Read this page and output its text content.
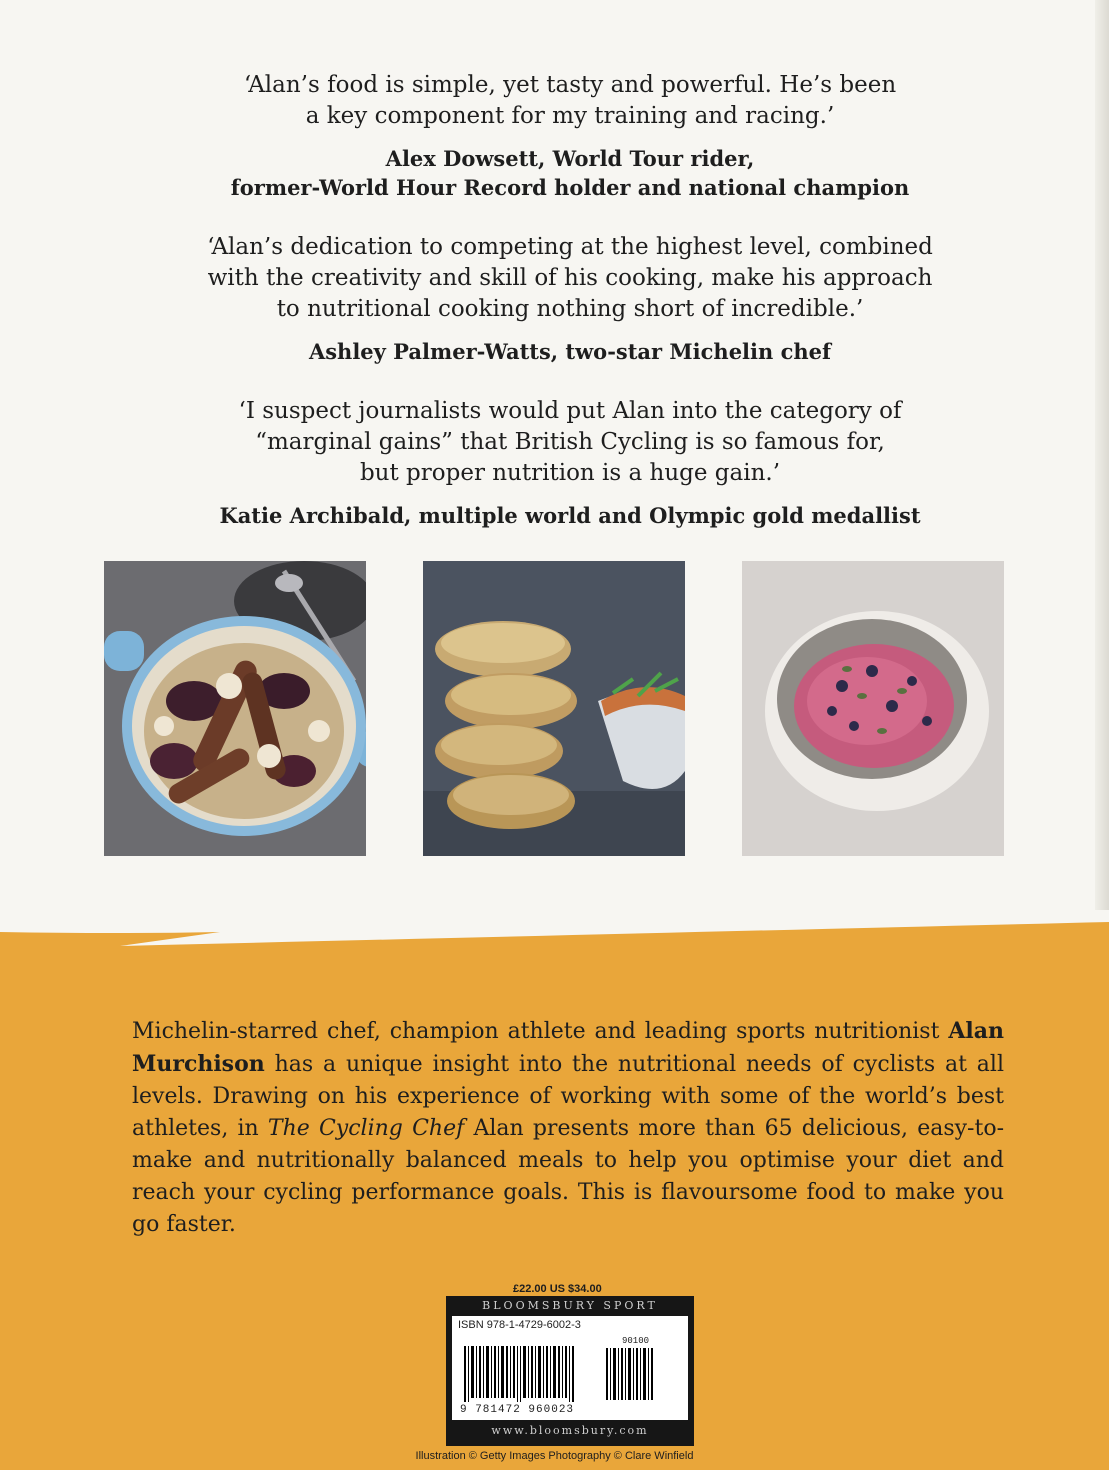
‘Alan’s food is simple, yet tasty and powerful. He’s been
a key component for my training and racing.’

Alex Dowsett, World Tour rider,
former-World Hour Record holder and national champion

‘Alan’s dedication to competing at the highest level, combined
with the creativity and skill of his cooking, make his approach
to nutritional cooking nothing short of incredible.’

Ashley Palmer-Watts, two-star Michelin chef

‘I suspect journalists would put Alan into the category of
“marginal gains” that British Cycling is so famous for,
but proper nutrition is a huge gain.’

Katie Archibald, multiple world and Olympic gold medallist

Michelin-starred chef, champion athlete and leading sports nutritionist Alan Murchison has a unique insight into the nutritional needs of cyclists at all levels. Drawing on his experience of working with some of the world’s best athletes, in The Cycling Chef Alan presents more than 65 delicious, easy-to-make and nutritionally balanced meals to help you optimise your diet and reach your cycling performance goals. This is flavoursome food to make you go faster.

£22.00 US $34.00
BLOOMSBURY SPORT
ISBN 978-1-4729-6002-3
90100
9 781472 960023
www.bloomsbury.com
Illustration © Getty Images Photography © Clare Winfield
